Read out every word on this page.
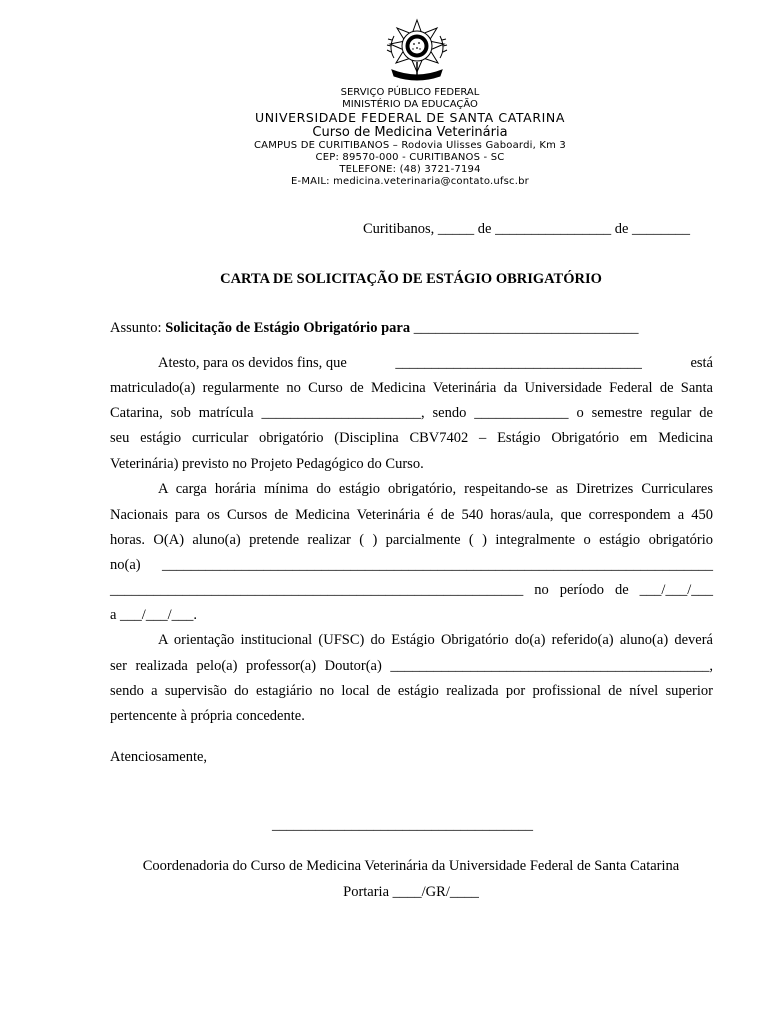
SERVIÇO PÚBLICO FEDERAL
MINISTÉRIO DA EDUCAÇÃO
UNIVERSIDADE FEDERAL DE SANTA CATARINA
Curso de Medicina Veterinária
CAMPUS DE CURITIBANOS – Rodovia Ulisses Gaboardi, Km 3
CEP: 89570-000 - CURITIBANOS - SC
TELEFONE: (48) 3721-7194
E-MAIL: medicina.veterinaria@contato.ufsc.br
Curitibanos, _____ de ________________ de ________
CARTA DE SOLICITAÇÃO DE ESTÁGIO OBRIGATÓRIO
Assunto: Solicitação de Estágio Obrigatório para _______________________________
Atesto, para os devidos fins, que	__________________________________	está
matriculado(a) regularmente no Curso de Medicina Veterinária da Universidade Federal de Santa
Catarina, sob matrícula ______________________, sendo _____________ o semestre regular de
seu estágio curricular obrigatório (Disciplina CBV7402 – Estágio Obrigatório em Medicina
Veterinária) previsto no Projeto Pedagógico do Curso.
A carga horária mínima do estágio obrigatório, respeitando-se as Diretrizes Curriculares
Nacionais para os Cursos de Medicina Veterinária é de 540 horas/aula, que correspondem a 450
horas. O(A) aluno(a) pretende realizar ( ) parcialmente ( ) integralmente o estágio obrigatório
no(a) ____________________________________________________________________________
_________________________________________________________ no período de ___/___/___
a ___/___/___.
A orientação institucional (UFSC) do Estágio Obrigatório do(a) referido(a) aluno(a) deverá
ser realizada pelo(a) professor(a) Doutor(a) ____________________________________________,
sendo a supervisão do estagiário no local de estágio realizada por profissional de nível superior
pertencente à própria concedente.
Atenciosamente,
____________________________________
Coordenadoria do Curso de Medicina Veterinária da Universidade Federal de Santa Catarina
Portaria ____/GR/____
